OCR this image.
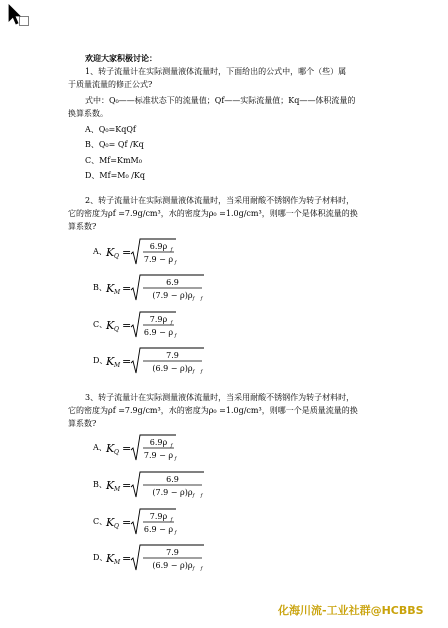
欢迎大家积极讨论：
1、转子流量计在实际测量液体流量时，下面给出的公式中，哪个（些）属
于质量流量的修正公式?
式中：Q₀——标准状态下的流量值；Qf——实际流量值；Kq——体积流量的
换算系数。
A、Q₀=KqQf
B、Q₀= Qf /Kq
C、Mf=KmM₀
D、Mf=M₀ /Kq
2、转子流量计在实际测量液体流量时，当采用耐酸不锈钢作为转子材料时，
它的密度为ρf =7.9g/cm³，水的密度为ρ₀ =1.0g/cm³，则哪一个是体积流量的换
算系数?
3、转子流量计在实际测量液体流量时，当采用耐酸不锈钢作为转子材料时，
它的密度为ρf =7.9g/cm³，水的密度为ρ₀ =1.0g/cm³，则哪一个是质量流量的换
算系数?
A、 K Q = 6.9ρ
7.9 − ρ
f
f
B、 K M =	6.9
(7.9 − ρ)ρ f f
C、
K Q = 7.9ρ
6.9 − ρ
f
f
D、
K M =	7.9
(6.9 − ρ)ρ f f
A、 K Q = 6.9ρ
7.9 − ρ
f
f
B、 K M =	6.9
(7.9 − ρ)ρ f f
C、
K Q = 7.9ρ
6.9 − ρ
f
f
D、
K M =	7.9
(6.9 − ρ)ρ f f
化海川流-工业社群@HCBBS
